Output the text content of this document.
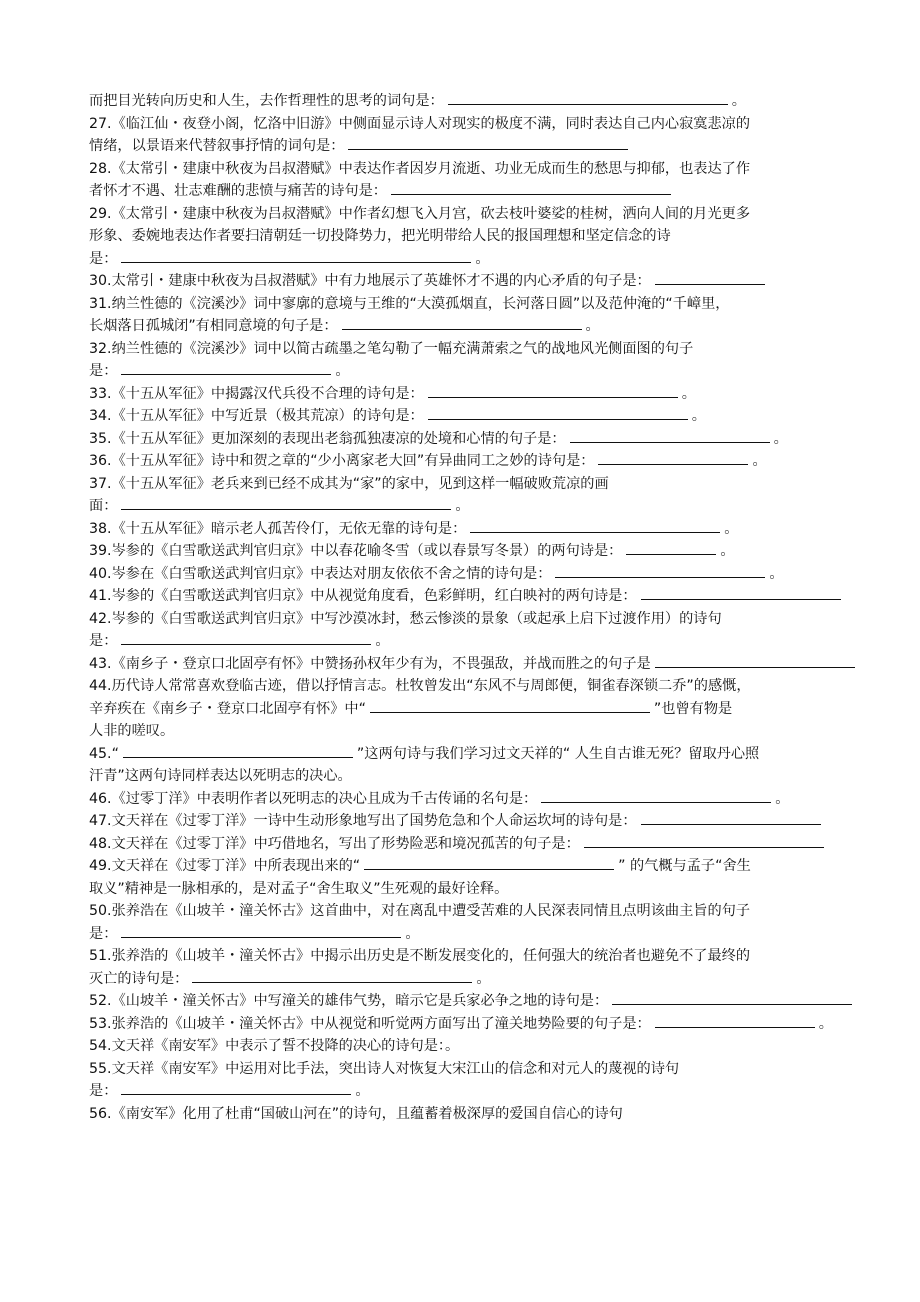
而把目光转向历史和人生，去作哲理性的思考的词句是：	。
27.《临江仙・夜登小阁，忆洛中旧游》中侧面显示诗人对现实的极度不满，同时表达自己内心寂寞悲凉的
情绪，以景语来代替叙事抒情的词句是：
28.《太常引・建康中秋夜为吕叔潜赋》中表达作者因岁月流逝、功业无成而生的愁思与抑郁，也表达了作
者怀才不遇、壮志难酬的悲愤与痛苦的诗句是：
29.《太常引・建康中秋夜为吕叔潜赋》中作者幻想飞入月宫，砍去枝叶婆娑的桂树，洒向人间的月光更多
形象、委婉地表达作者要扫清朝廷一切投降势力，把光明带给人民的报国理想和坚定信念的诗
是：	。
30.太常引・建康中秋夜为吕叔潜赋》中有力地展示了英雄怀才不遇的内心矛盾的句子是：
31.纳兰性德的《浣溪沙》词中寥廓的意境与王维的“大漠孤烟直，长河落日圆”以及范仲淹的“千嶂里，
长烟落日孤城闭”有相同意境的句子是：	。
32.纳兰性德的《浣溪沙》词中以简古疏墨之笔勾勒了一幅充满萧索之气的战地风光侧面图的句子
是：	。
33.《十五从军征》中揭露汉代兵役不合理的诗句是：	。
34.《十五从军征》中写近景（极其荒凉）的诗句是：	。
35.《十五从军征》更加深刻的表现出老翁孤独凄凉的处境和心情的句子是：	。
36.《十五从军征》诗中和贺之章的“少小离家老大回”有异曲同工之妙的诗句是：	。
37.《十五从军征》老兵来到已经不成其为“家”的家中，见到这样一幅破败荒凉的画
面：	。
38.《十五从军征》暗示老人孤苦伶仃，无依无靠的诗句是：	。
39.岑参的《白雪歌送武判官归京》中以春花喻冬雪（或以春景写冬景）的两句诗是：	。
40.岑参在《白雪歌送武判官归京》中表达对朋友依依不舍之情的诗句是：	。
41.岑参的《白雪歌送武判官归京》中从视觉角度看，色彩鲜明，红白映衬的两句诗是：
42.岑参的《白雪歌送武判官归京》中写沙漠冰封，愁云惨淡的景象（或起承上启下过渡作用）的诗句
是：	。
43.《南乡子・登京口北固亭有怀》中赞扬孙权年少有为，不畏强敌，并战而胜之的句子是
44.历代诗人常常喜欢登临古迹，借以抒情言志。杜牧曾发出“东风不与周郎便，铜雀春深锁二乔”的感慨，
辛弃疾在《南乡子・登京口北固亭有怀》中“	”也曾有物是
人非的嗟叹。
45.“	”这两句诗与我们学习过文天祥的“ 人生自古谁无死？留取丹心照
汗青”这两句诗同样表达以死明志的决心。
46.《过零丁洋》中表明作者以死明志的决心且成为千古传诵的名句是：	。
47.文天祥在《过零丁洋》一诗中生动形象地写出了国势危急和个人命运坎坷的诗句是：
48.文天祥在《过零丁洋》中巧借地名，写出了形势险恶和境况孤苦的句子是：
49.文天祥在《过零丁洋》中所表现出来的“	” 的气概与孟子“舍生
取义”精神是一脉相承的，是对孟子“舍生取义”生死观的最好诠释。
50.张养浩在《山坡羊・潼关怀古》这首曲中，对在离乱中遭受苦难的人民深表同情且点明该曲主旨的句子
是：	。
51.张养浩的《山坡羊・潼关怀古》中揭示出历史是不断发展变化的，任何强大的统治者也避免不了最终的
灭亡的诗句是：	。
52.《山坡羊・潼关怀古》中写潼关的雄伟气势，暗示它是兵家必争之地的诗句是：
53.张养浩的《山坡羊・潼关怀古》中从视觉和听觉两方面写出了潼关地势险要的句子是：	。
54.文天祥《南安军》中表示了誓不投降的决心的诗句是：。
55.文天祥《南安军》中运用对比手法，突出诗人对恢复大宋江山的信念和对元人的蔑视的诗句
是：	。
56.《南安军》化用了杜甫“国破山河在”的诗句，且蕴蓄着极深厚的爱国自信心的诗句
